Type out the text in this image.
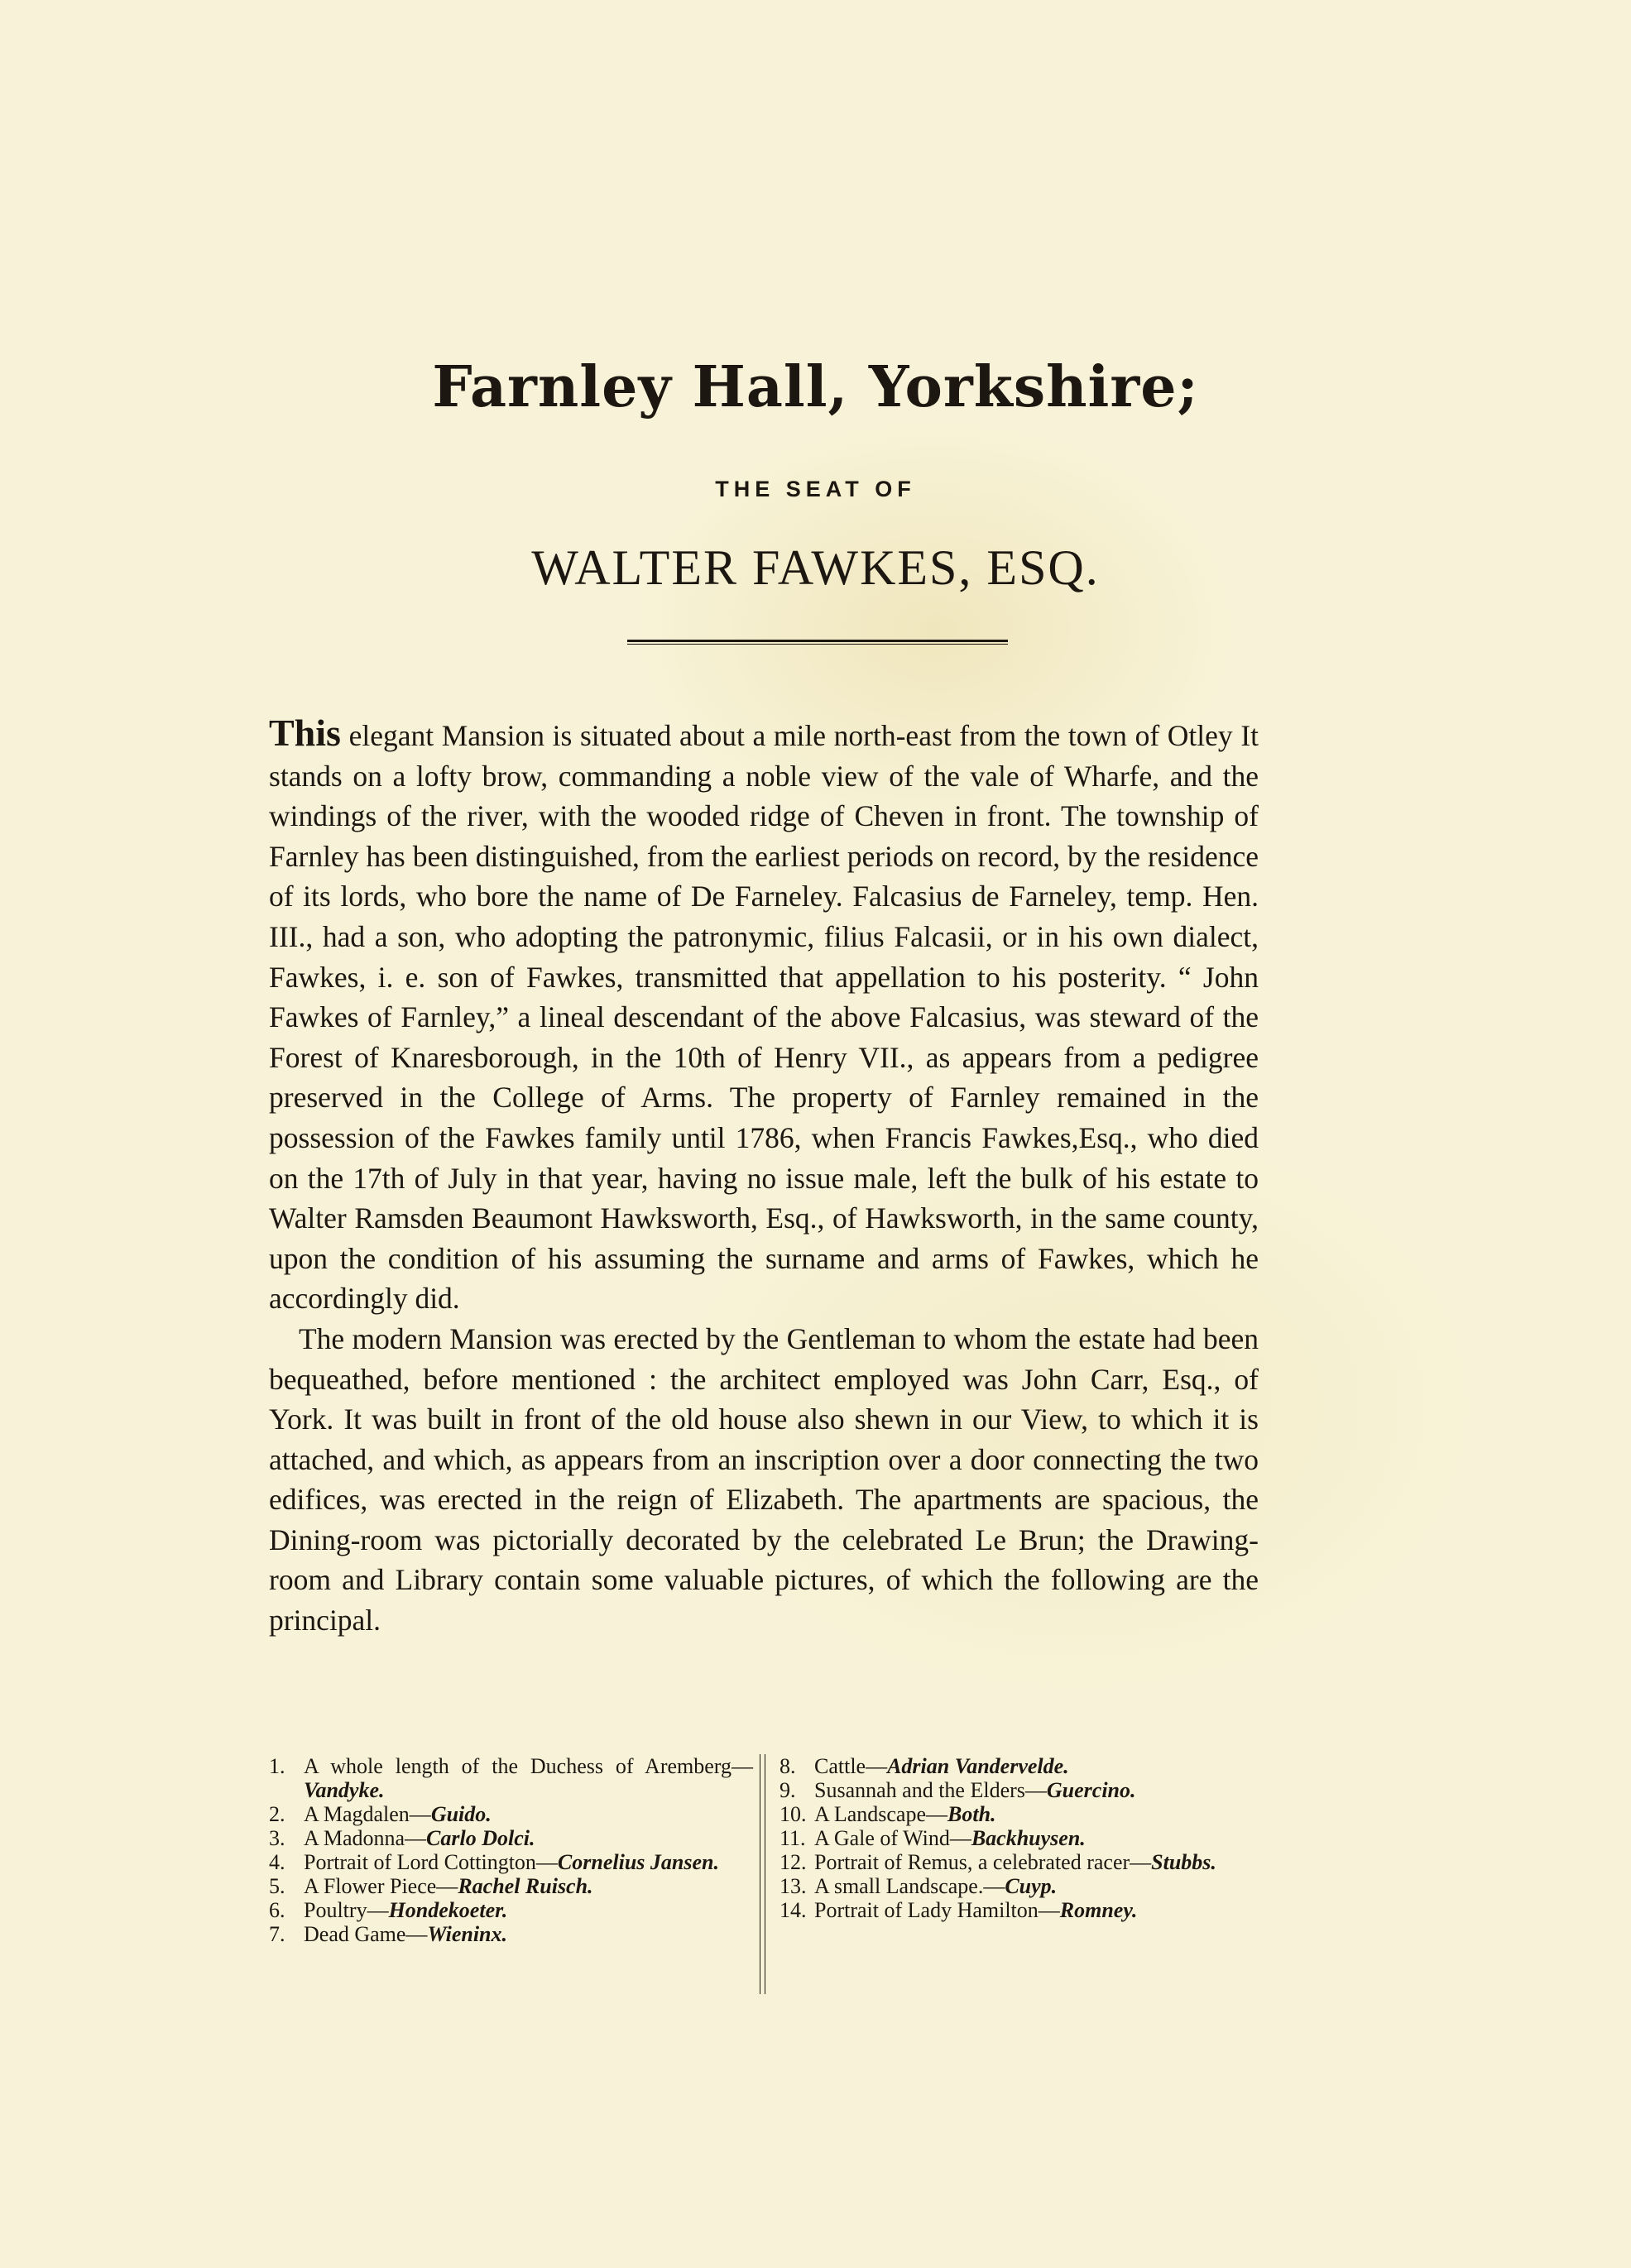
Farnley Hall, Yorkshire;
THE SEAT OF
WALTER FAWKES, ESQ.

This elegant Mansion is situated about a mile north-east from the town of Otley It stands on a lofty brow, commanding a noble view of the vale of Wharfe, and the windings of the river, with the wooded ridge of Cheven in front. The township of Farnley has been distinguished, from the earliest periods on record, by the residence of its lords, who bore the name of De Farneley. Falcasius de Farneley, temp. Hen. III., had a son, who adopting the patronymic, filius Falcasii, or in his own dialect, Fawkes, i. e. son of Fawkes, transmitted that appellation to his posterity. “ John Fawkes of Farnley,” a lineal descendant of the above Falcasius, was steward of the Forest of Knaresborough, in the 10th of Henry VII., as appears from a pedigree preserved in the College of Arms. The property of Farnley remained in the possession of the Fawkes family until 1786, when Francis Fawkes,Esq., who died on the 17th of July in that year, having no issue male, left the bulk of his estate to Walter Ramsden Beaumont Hawksworth, Esq., of Hawksworth, in the same county, upon the condition of his assuming the surname and arms of Fawkes, which he accordingly did.

The modern Mansion was erected by the Gentleman to whom the estate had been bequeathed, before mentioned : the architect employed was John Carr, Esq., of York. It was built in front of the old house also shewn in our View, to which it is attached, and which, as appears from an inscription over a door connecting the two edifices, was erected in the reign of Elizabeth. The apartments are spacious, the Dining-room was pictorially decorated by the celebrated Le Brun; the Drawing-room and Library contain some valuable pictures, of which the following are the principal.

1. A whole length of the Duchess of Aremberg—Vandyke.
2. A Magdalen—Guido.
3. A Madonna—Carlo Dolci.
4. Portrait of Lord Cottington—Cornelius Jansen.
5. A Flower Piece—Rachel Ruisch.
6. Poultry—Hondekoeter.
7. Dead Game—Wieninx.
8. Cattle—Adrian Vandervelde.
9. Susannah and the Elders—Guercino.
10. A Landscape—Both.
11. A Gale of Wind—Backhuysen.
12. Portrait of Remus, a celebrated racer—Stubbs.
13. A small Landscape.—Cuyp.
14. Portrait of Lady Hamilton—Romney.
